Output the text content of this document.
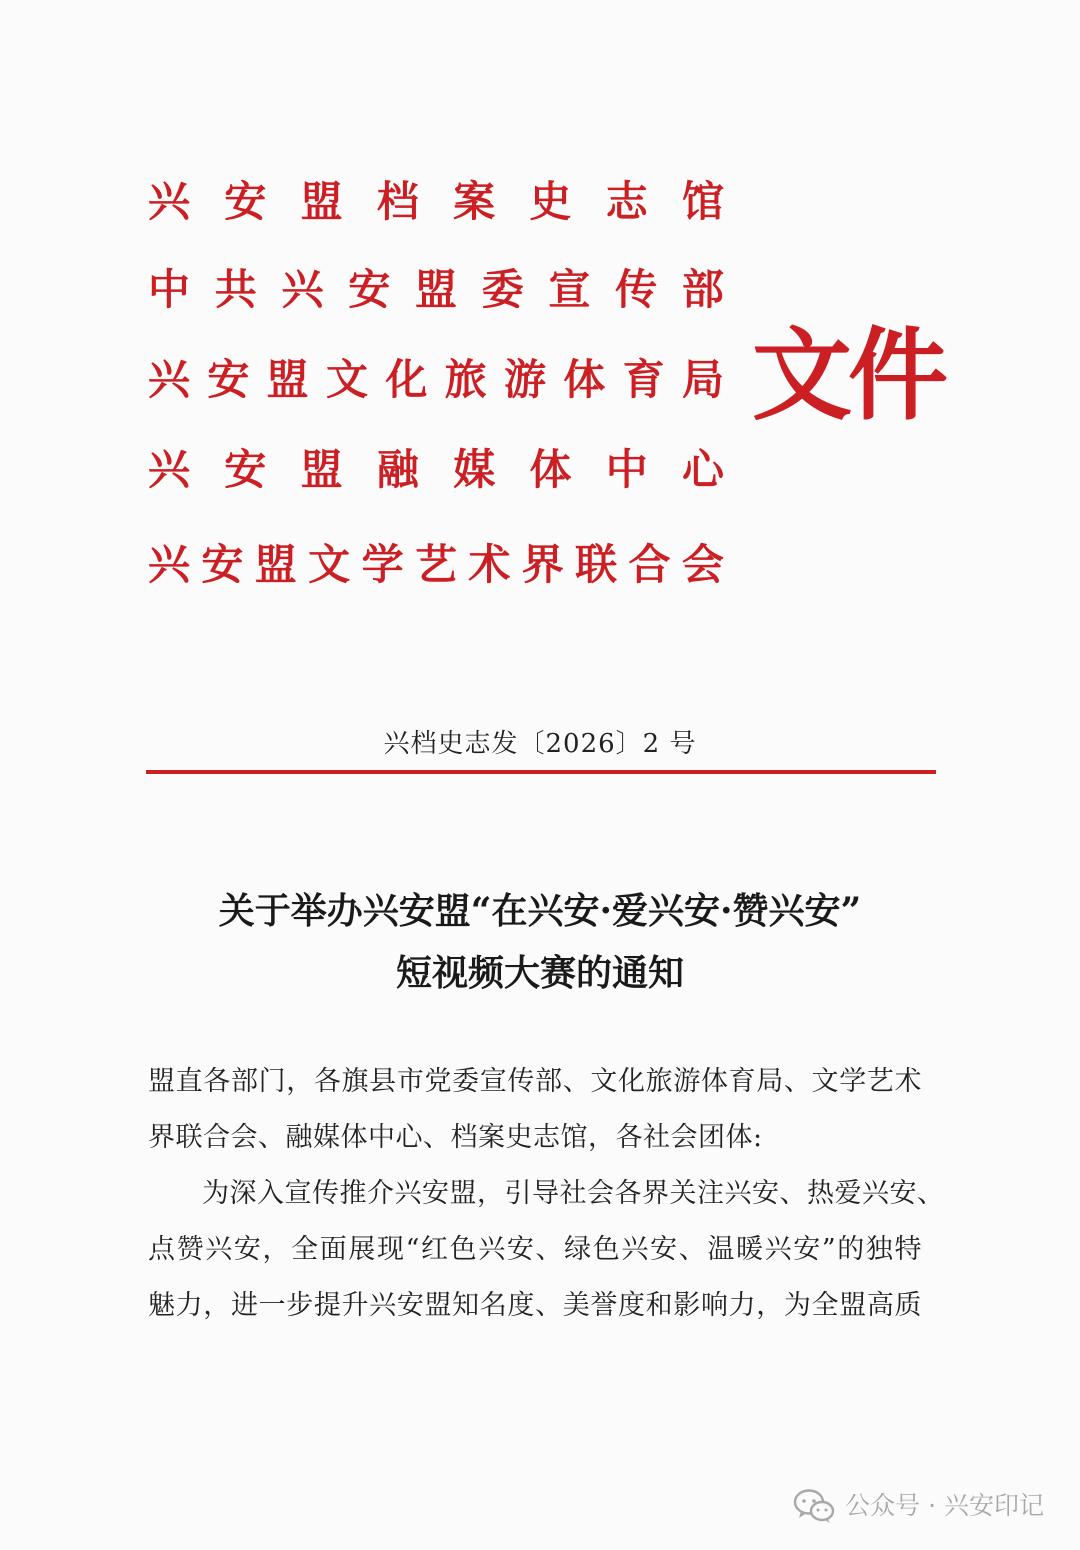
兴 安 盟 档 案 史 志 馆
中 共 兴 安 盟 委 宣 传 部
兴 安 盟 文 化 旅 游 体 育 局
兴 安 盟 融 媒 体 中 心
兴 安 盟 文 学 艺 术 界 联 合 会
文件
兴档史志发〔2026〕2 号
关于举办兴安盟“在兴安·爱兴安·赞兴安”
短视频大赛的通知
盟直各部门，各旗县市党委宣传部、文化旅游体育局、文学艺术
界联合会、融媒体中心、档案史志馆，各社会团体:
为深入宣传推介兴安盟，引导社会各界关注兴安、热爱兴安、
点赞兴安，全面展现“红色兴安、绿色兴安、温暖兴安”的独特
魅力，进一步提升兴安盟知名度、美誉度和影响力，为全盟高质
公众号 · 兴安印记
